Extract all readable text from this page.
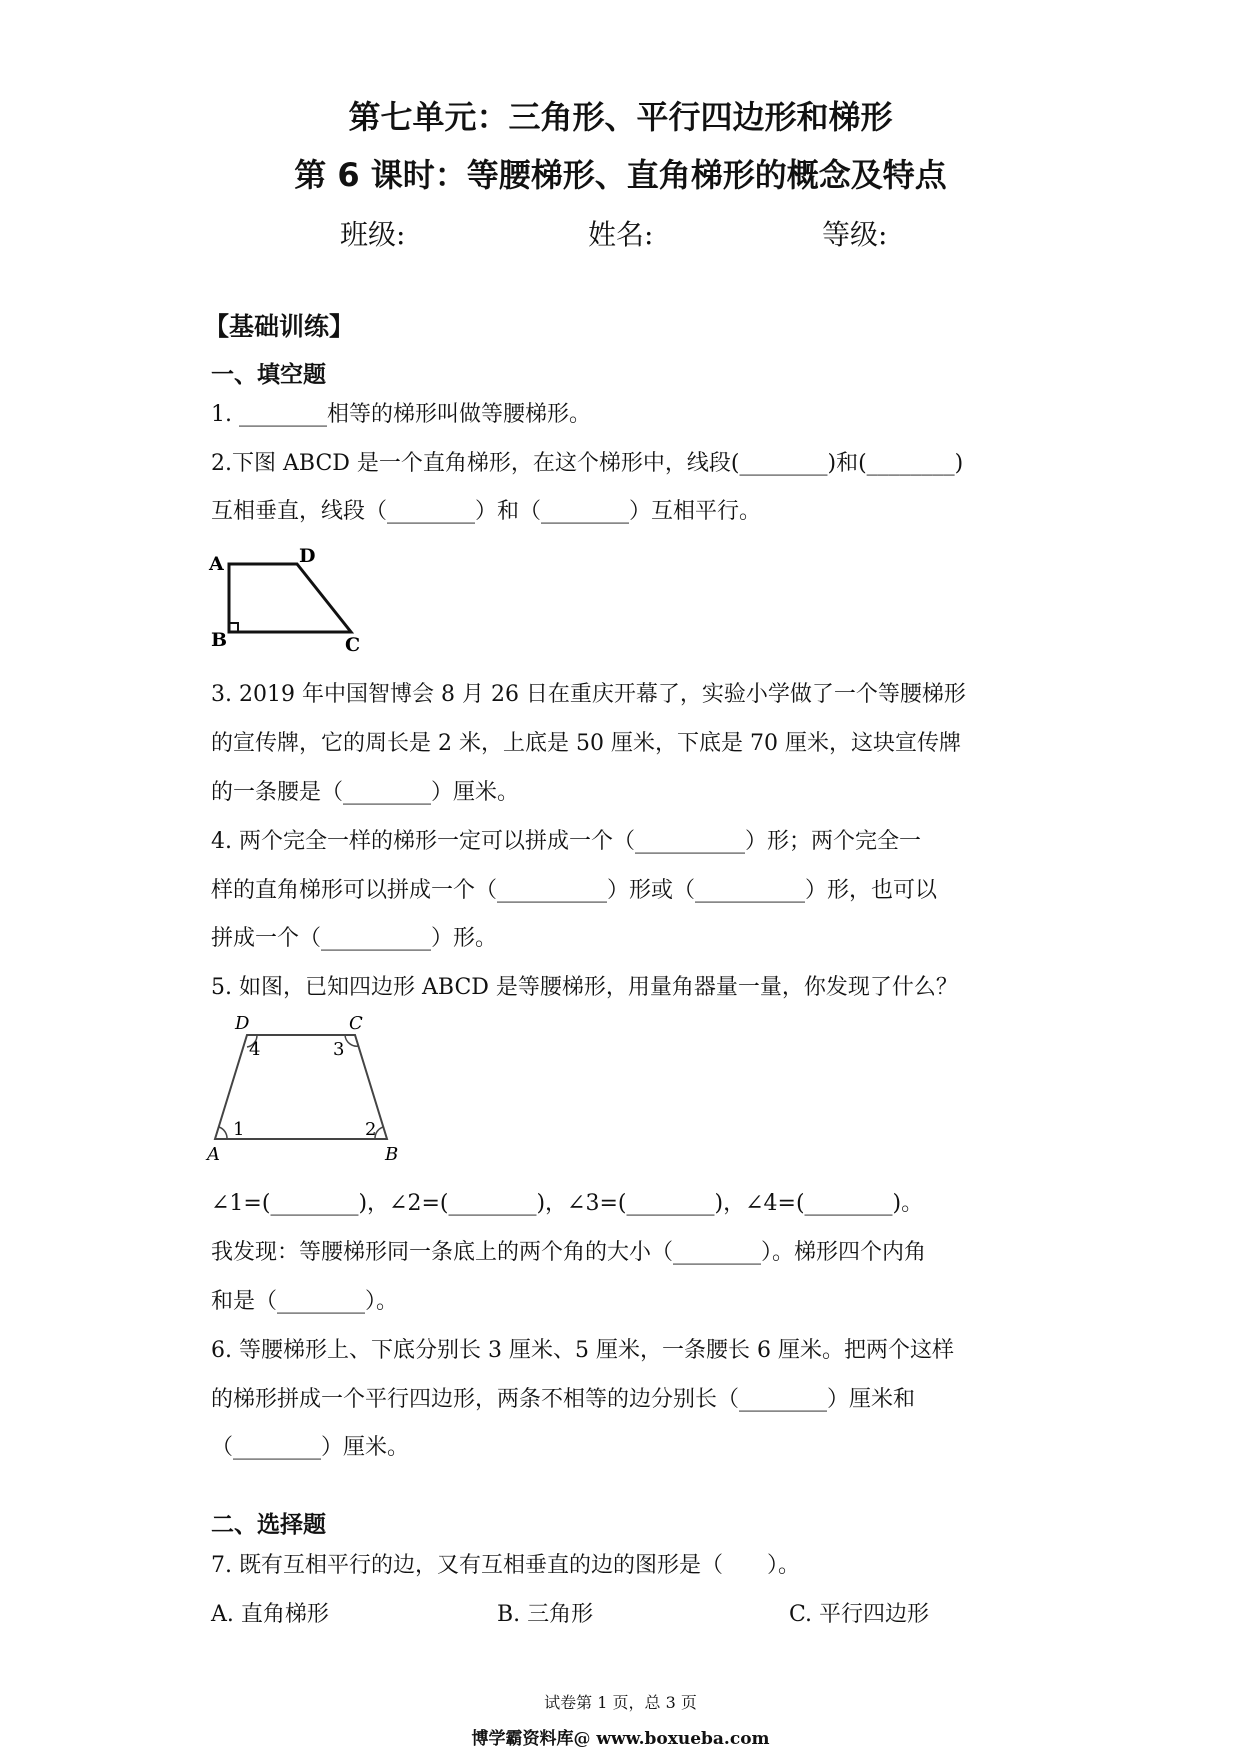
第七单元：三角形、平行四边形和梯形
第 6 课时：等腰梯形、直角梯形的概念及特点
班级:	姓名:	等级:
【基础训练】
一、填空题
1. ________相等的梯形叫做等腰梯形。
2.下图 ABCD 是一个直角梯形，在这个梯形中，线段(________)和(________)
互相垂直，线段（________）和（________）互相平行。
A	D
B	C
3. 2019 年中国智博会 8 月 26 日在重庆开幕了，实验小学做了一个等腰梯形
的宣传牌，它的周长是 2 米，上底是 50 厘米，下底是 70 厘米，这块宣传牌
的一条腰是（________）厘米。
4. 两个完全一样的梯形一定可以拼成一个（__________）形；两个完全一
样的直角梯形可以拼成一个（__________）形或（__________）形，也可以
拼成一个（__________）形。
5. 如图，已知四边形 ABCD 是等腰梯形，用量角器量一量，你发现了什么？
4	3
1	2
D	C
A	B
∠1=(________)，∠2=(________)，∠3=(________)，∠4=(________)。
我发现：等腰梯形同一条底上的两个角的大小（________）。梯形四个内角
和是（________）。
6. 等腰梯形上、下底分别长 3 厘米、5 厘米，一条腰长 6 厘米。把两个这样
的梯形拼成一个平行四边形，两条不相等的边分别长（________）厘米和
（________）厘米。
二、选择题
7. 既有互相平行的边，又有互相垂直的边的图形是（　　）。
A. 直角梯形	B. 三角形	C. 平行四边形
试卷第 1 页，总 3 页
博学霸资料库@ www.boxueba.com
